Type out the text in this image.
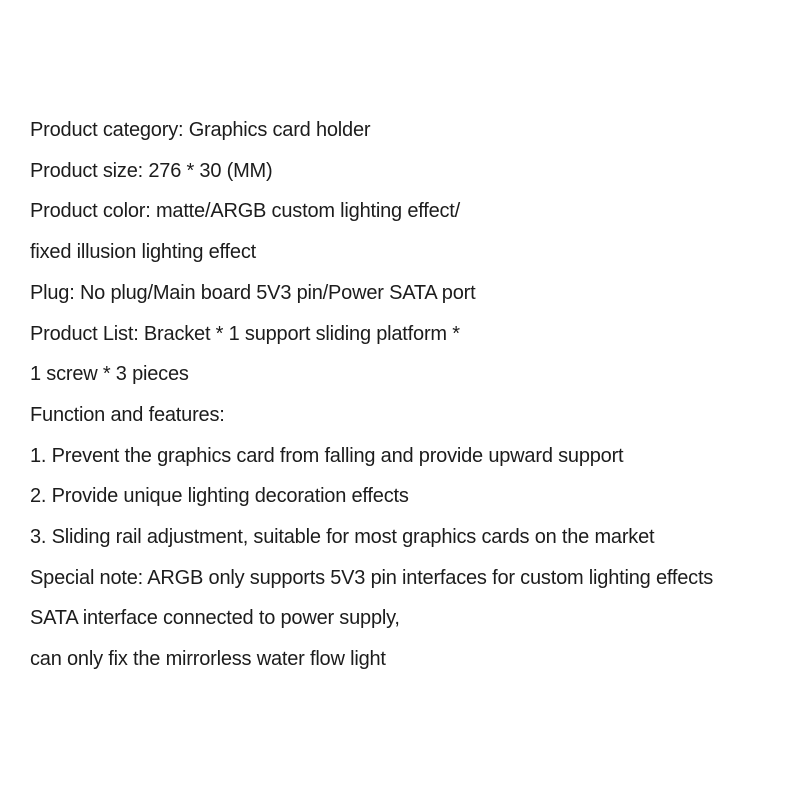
Product category: Graphics card holder

Product size: 276 * 30 (MM)

Product color: matte/ARGB custom lighting effect/

fixed illusion lighting effect

Plug: No plug/Main board 5V3 pin/Power SATA port

Product List: Bracket * 1 support sliding platform *

1 screw * 3 pieces

Function and features:

1. Prevent the graphics card from falling and provide upward support

2. Provide unique lighting decoration effects

3. Sliding rail adjustment, suitable for most graphics cards on the market

Special note: ARGB only supports 5V3 pin interfaces for custom lighting effects

SATA interface connected to power supply,

can only fix the mirrorless water flow light
